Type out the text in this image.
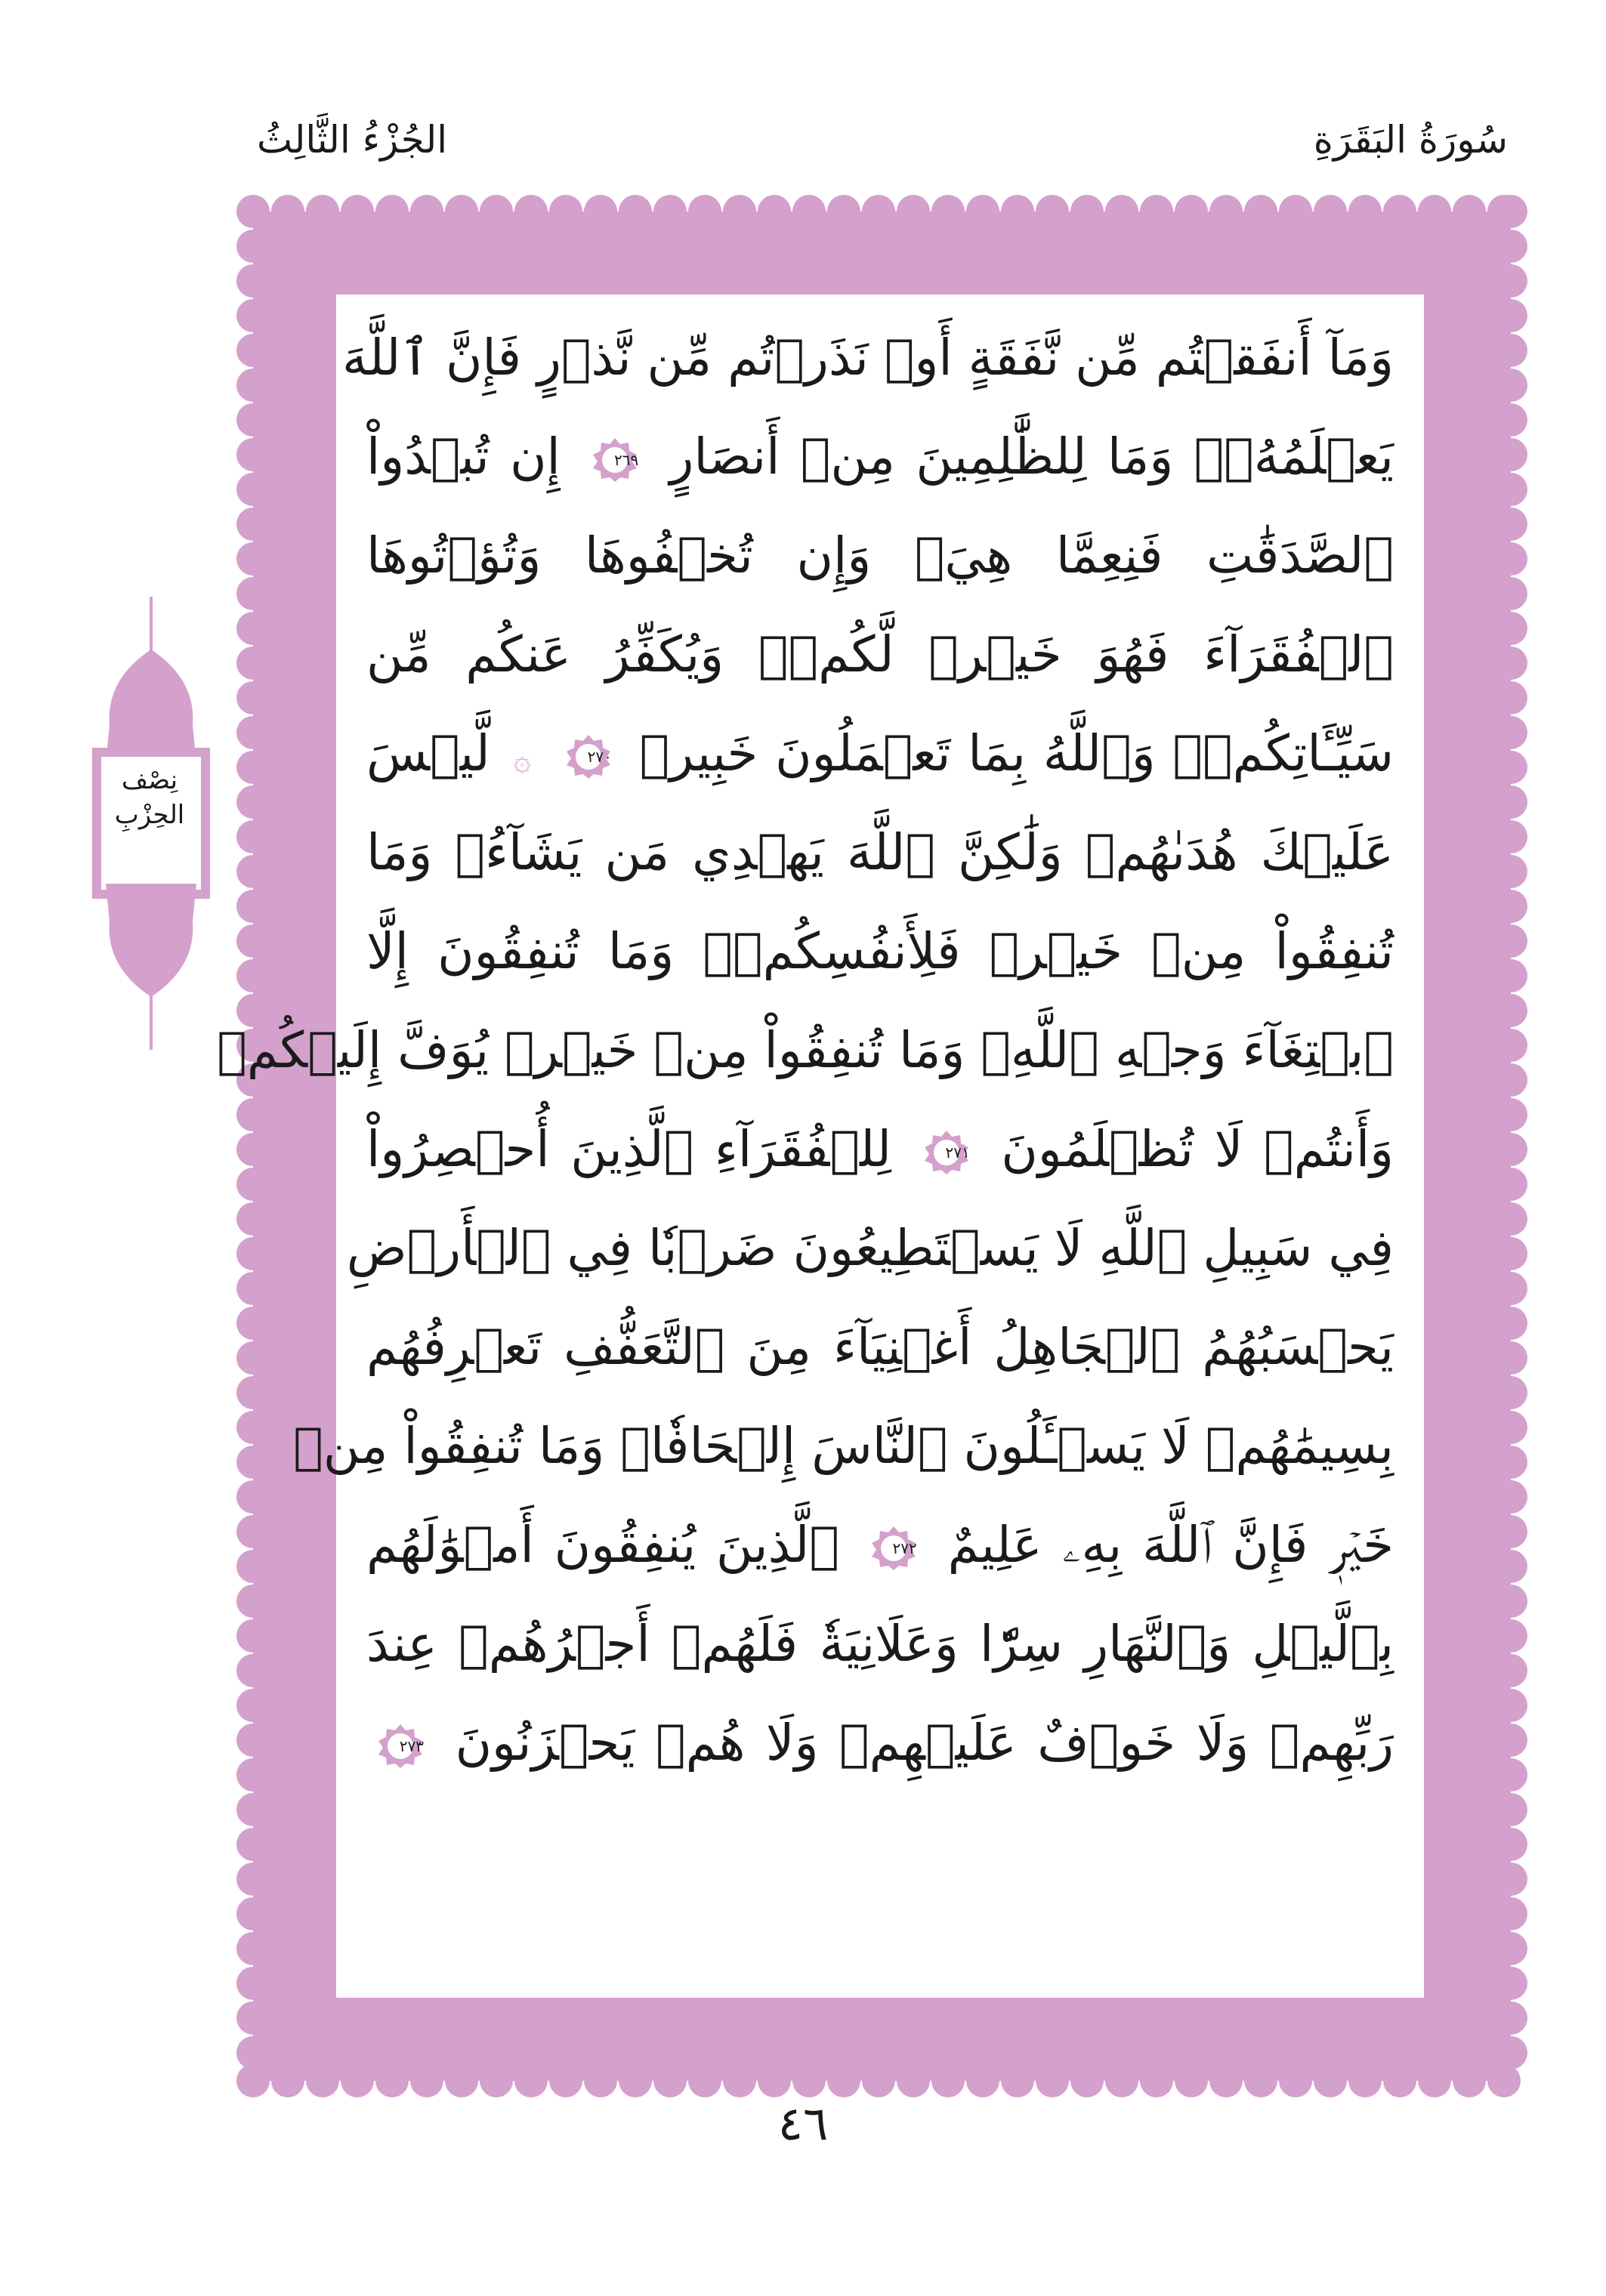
سُورَةُ البَقَرَةِ
الجُزْءُ الثَّالِثُ
نِصْف
الحِزْبِ
وَمَآ أَنفَقۡتُم مِّن نَّفَقَةٍ أَوۡ نَذَرۡتُم مِّن نَّذۡرٍ فَإِنَّ ٱللَّهَ
يَعۡلَمُهُۥۗ وَمَا لِلظَّٰلِمِينَ مِنۡ أَنصَارٍ
٢٦٩
إِن تُبۡدُواْ
ٱلصَّدَقَٰتِ فَنِعِمَّا هِيَۖ وَإِن تُخۡفُوهَا وَتُؤۡتُوهَا
ٱلۡفُقَرَآءَ فَهُوَ خَيۡرٞ لَّكُمۡۚ وَيُكَفِّرُ عَنكُم مِّن
سَيِّـَٔاتِكُمۡۗ وَٱللَّهُ بِمَا تَعۡمَلُونَ خَبِيرٞ
٢٧٠
۞ لَّيۡسَ
عَلَيۡكَ هُدَىٰهُمۡ وَلَٰكِنَّ ٱللَّهَ يَهۡدِي مَن يَشَآءُۗ وَمَا
تُنفِقُواْ مِنۡ خَيۡرٖ فَلِأَنفُسِكُمۡۚ وَمَا تُنفِقُونَ إِلَّا
ٱبۡتِغَآءَ وَجۡهِ ٱللَّهِۚ وَمَا تُنفِقُواْ مِنۡ خَيۡرٖ يُوَفَّ إِلَيۡكُمۡ
وَأَنتُمۡ لَا تُظۡلَمُونَ
٢٧١
لِلۡفُقَرَآءِ ٱلَّذِينَ أُحۡصِرُواْ
فِي سَبِيلِ ٱللَّهِ لَا يَسۡتَطِيعُونَ ضَرۡبٗا فِي ٱلۡأَرۡضِ
يَحۡسَبُهُمُ ٱلۡجَاهِلُ أَغۡنِيَآءَ مِنَ ٱلتَّعَفُّفِ تَعۡرِفُهُم
بِسِيمَٰهُمۡ لَا يَسۡـَٔلُونَ ٱلنَّاسَ إِلۡحَافٗاۗ وَمَا تُنفِقُواْ مِنۡ
خَيۡرٖ فَإِنَّ ٱللَّهَ بِهِۦ عَلِيمٌ
٢٧٢
ٱلَّذِينَ يُنفِقُونَ أَمۡوَٰلَهُم
بِٱلَّيۡلِ وَٱلنَّهَارِ سِرّٗا وَعَلَانِيَةٗ فَلَهُمۡ أَجۡرُهُمۡ عِندَ
رَبِّهِمۡ وَلَا خَوۡفٌ عَلَيۡهِمۡ وَلَا هُمۡ يَحۡزَنُونَ
٢٧٣
٤٦
